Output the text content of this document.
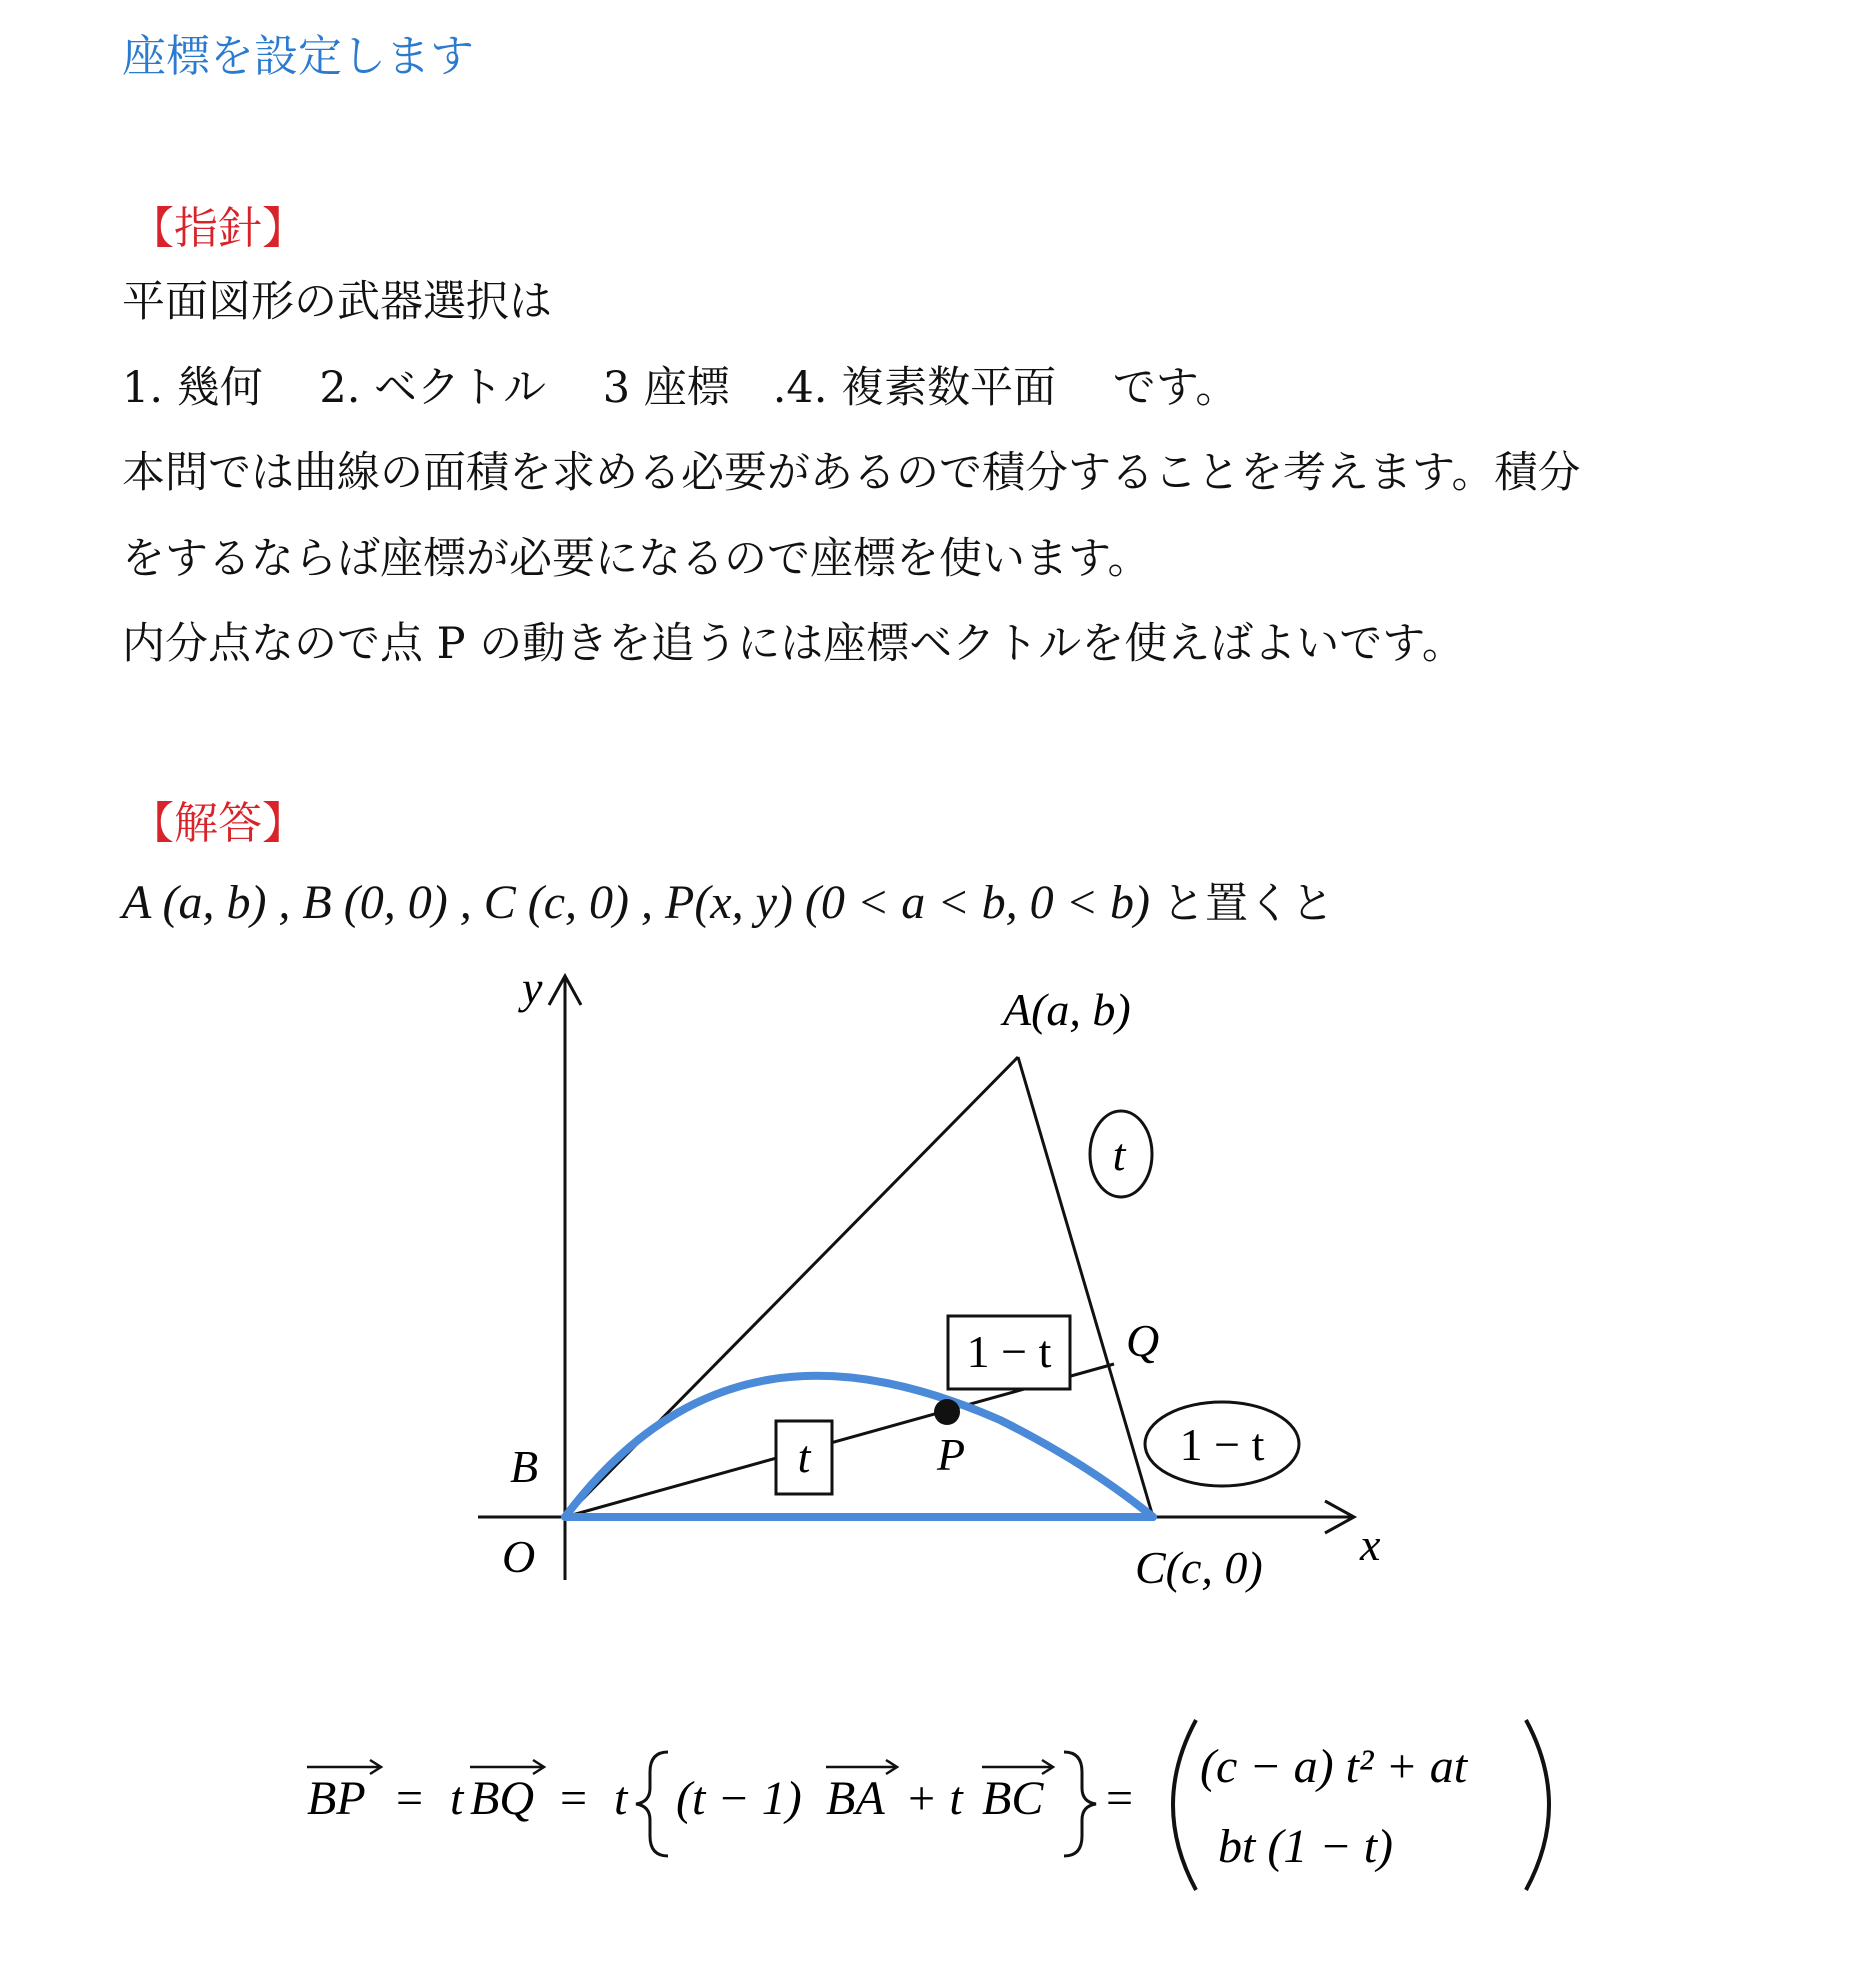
座標を設定します
【指針】
平面図形の武器選択は
1. 幾何　 2. ベクトル　 3 座標　.4. 複素数平面　 です。
本問では曲線の面積を求める必要があるので積分することを考えます。積分
をするならば座標が必要になるので座標を使います。
内分点なので点 P の動きを追うには座標ベクトルを使えばよいです。
【解答】
A (a, b) , B (0, 0) , C (c, 0) , P(x, y) (0 < a < b, 0 < b) と置くと
t
1 − t
t
1 − t
y
x
O
B
A(a, b)
C(c, 0)
P
Q
BP = t BQ = t (t − 1) BA + t BC =
(c − a) t² + at
bt (1 − t)
